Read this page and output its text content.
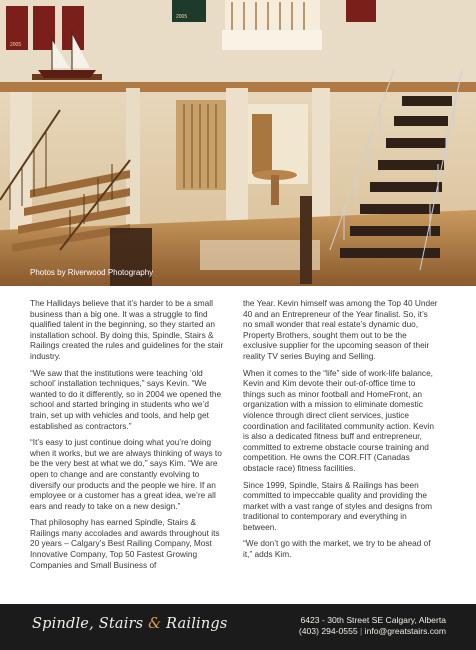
2005
2005
Photos by Riverwood Photography

The Hallidays believe that it’s harder to be a small business than a big one. It was a struggle to find qualified talent in the beginning, so they started an installation school. By doing this, Spindle, Stairs & Railings created the rules and guidelines for the stair industry.

“We saw that the institutions were teaching ‘old school’ installation techniques,” says Kevin. “We wanted to do it differently, so in 2004 we opened the school and started bringing in students who we’d train, set up with vehicles and tools, and help get established as contractors.”

“It’s easy to just continue doing what you’re doing when it works, but we are always thinking of ways to be the very best at what we do,” says Kim. “We are open to change and are constantly evolving to diversify our products and the people we hire. If an employee or a customer has a great idea, we’re all ears and ready to take on a new design.”

That philosophy has earned Spindle, Stairs & Railings many accolades and awards throughout its 20 years – Calgary’s Best Railing Company, Most Innovative Company, Top 50 Fastest Growing Companies and Small Business of

the Year. Kevin himself was among the Top 40 Under 40 and an Entrepreneur of the Year finalist. So, it’s no small wonder that real estate’s dynamic duo, Property Brothers, sought them out to be the exclusive supplier for the upcoming season of their reality TV series Buying and Selling.

When it comes to the “life” side of work-life balance, Kevin and Kim devote their out-of-office time to things such as minor football and HomeFront, an organization with a mission to eliminate domestic violence through direct client services, justice coordination and facilitated community action. Kevin is also a dedicated fitness buff and entrepreneur, committed to extreme obstacle course training and competition. He owns the COR.FIT (Canadas obstacle race) fitness facilities.

Since 1999, Spindle, Stairs & Railings has been committed to impeccable quality and providing the market with a vast range of styles and designs from traditional to contemporary and everything in between.

“We don’t go with the market, we try to be ahead of it,” adds Kim.

Spindle, Stairs & Railings	6423 - 30th Street SE Calgary, Alberta
(403) 294-0555 | info@greatstairs.com
